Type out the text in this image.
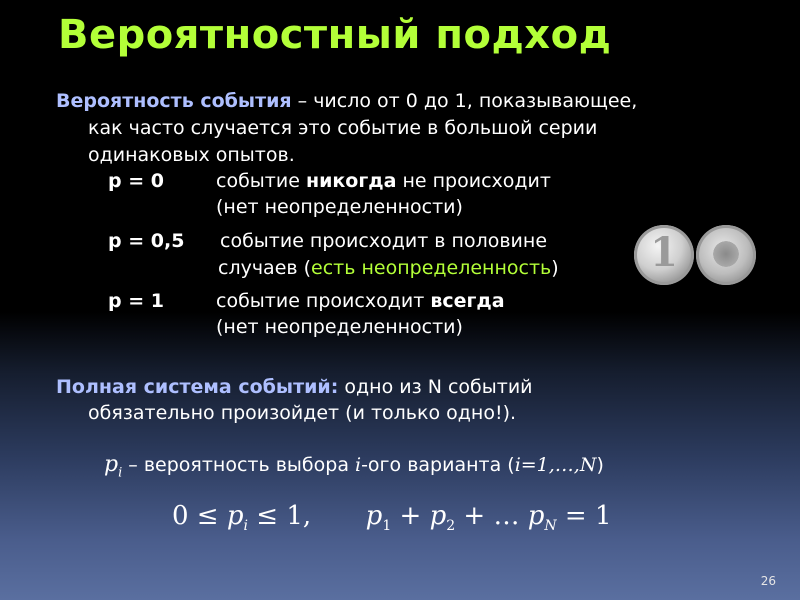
Вероятностный подход
Вероятность события – число от 0 до 1, показывающее,
как часто случается это событие в большой серии
одинаковых опытов.
p = 0	событие никогда не происходит
(нет неопределенности)
p = 0,5 событие происходит в половине
случаев (есть неопределенность)	1
p = 1	событие происходит всегда
(нет неопределенности)
Полная система событий: одно из N событий
обязательно произойдет (и только одно!).
$p_i$ – вероятность выбора i-ого варианта (i=1,…,N)
$0 \le p_i \le 1$, $p_1 + p_2$ + … $p_N = 1$
26
